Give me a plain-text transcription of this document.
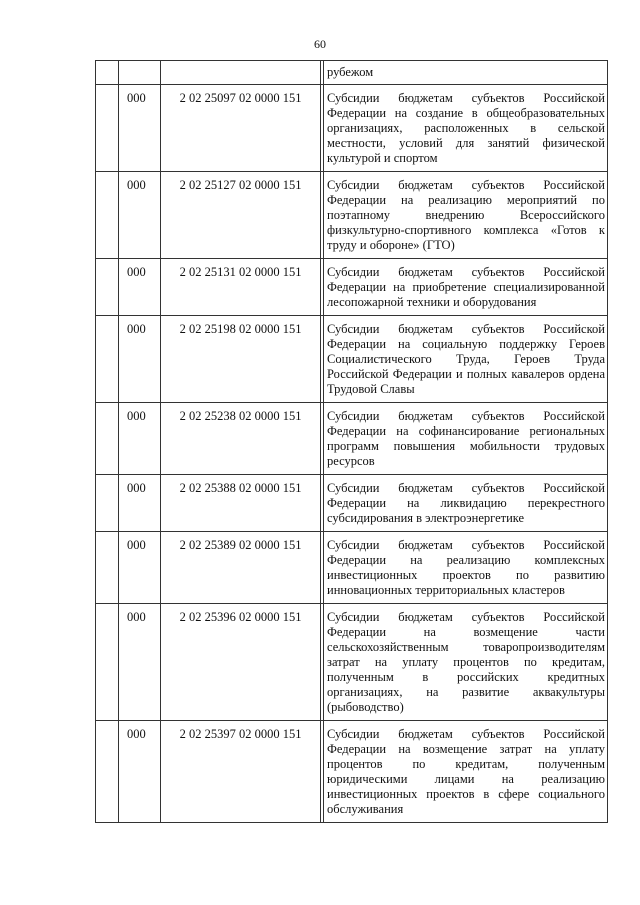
60
				рубежом
	000	2 02 25097 02 0000 151		Субсидии бюджетам субъектов Российской Федерации на создание в общеобразовательных организациях, расположенных в сельской местности, условий для занятий физической культурой и спортом
	000	2 02 25127 02 0000 151		Субсидии бюджетам субъектов Российской Федерации на реализацию мероприятий по поэтапному внедрению Всероссийского физкультурно-спортивного комплекса «Готов к труду и обороне» (ГТО)
	000	2 02 25131 02 0000 151		Субсидии бюджетам субъектов Российской Федерации на приобретение специализированной лесопожарной техники и оборудования
	000	2 02 25198 02 0000 151		Субсидии бюджетам субъектов Российской Федерации на социальную поддержку Героев Социалистического Труда, Героев Труда Российской Федерации и полных кавалеров ордена Трудовой Славы
	000	2 02 25238 02 0000 151		Субсидии бюджетам субъектов Российской Федерации на софинансирование региональных программ повышения мобильности трудовых ресурсов
	000	2 02 25388 02 0000 151		Субсидии бюджетам субъектов Российской Федерации на ликвидацию перекрестного субсидирования в электроэнергетике
	000	2 02 25389 02 0000 151		Субсидии бюджетам субъектов Российской Федерации на реализацию комплексных инвестиционных проектов по развитию инновационных территориальных кластеров
	000	2 02 25396 02 0000 151		Субсидии бюджетам субъектов Российской Федерации на возмещение части сельскохозяйственным товаропроизводителям затрат на уплату процентов по кредитам, полученным в российских кредитных организациях, на развитие аквакультуры (рыбоводство)
	000	2 02 25397 02 0000 151		Субсидии бюджетам субъектов Российской Федерации на возмещение затрат на уплату процентов по кредитам, полученным юридическими лицами на реализацию инвестиционных проектов в сфере социального обслуживания
